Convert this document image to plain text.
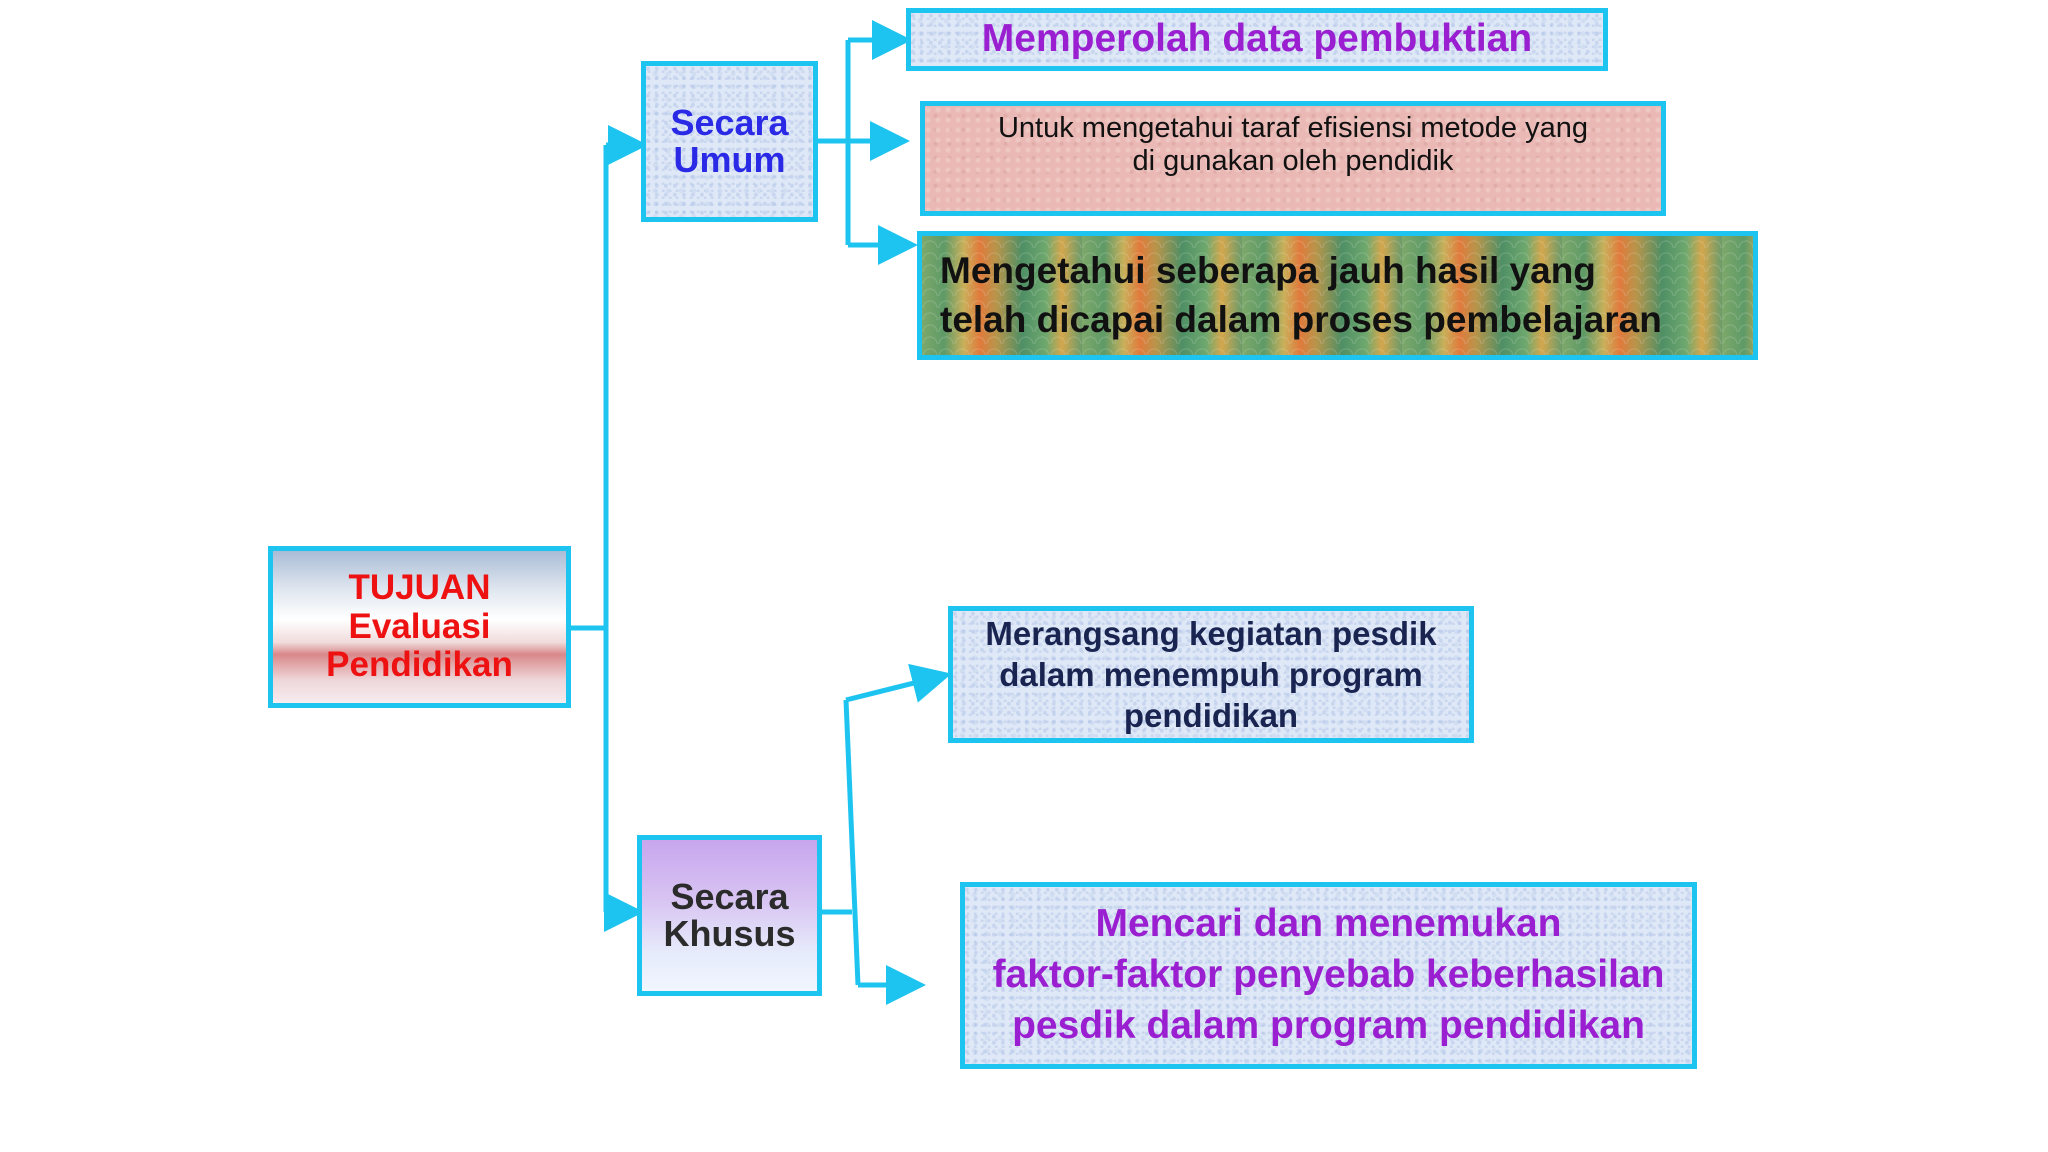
TUJUAN
Evaluasi
Pendidikan
Secara
Umum
Secara
Khusus
Memperolah data pembuktian
Untuk mengetahui taraf efisiensi metode yang
di gunakan oleh pendidik
Mengetahui seberapa jauh hasil yang
telah dicapai dalam proses pembelajaran
Merangsang kegiatan pesdik
dalam menempuh program
pendidikan
Mencari dan menemukan
faktor-faktor penyebab keberhasilan
pesdik dalam program pendidikan
